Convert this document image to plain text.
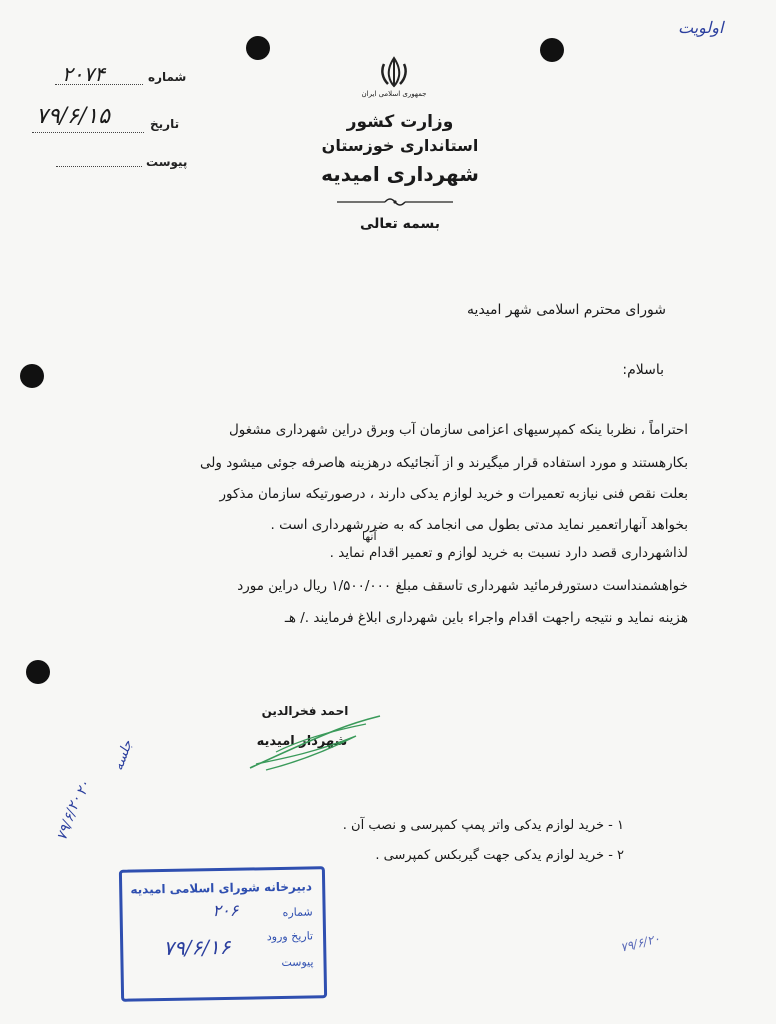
اولویت
جمهوری اسلامی ایران
شماره
۲۰۷۴
تاریخ
۷۹/۶/۱۵
پیوست
وزارت کشور
استانداری خوزستان
شهرداری امیدیه
بسمه تعالی
شورای محترم اسلامی شهر امیدیه
باسلام:
احتراماً ، نظربا ینکه کمپرسیهای اعزامی سازمان آب وبرق دراین شهرداری مشغول
بکارهستند و مورد استفاده قرار میگیرند و از آنجائیکه درهزینه هاصرفه جوئی میشود ولی
بعلت نقص فنی نیازبه تعمیرات و خرید لوازم یدکی دارند ، درصورتیکه سازمان مذکور
بخواهد آنهاراتعمیر نماید مدتی بطول می انجامد که به ضررشهرداری است .
آنها
لذاشهرداری قصد دارد نسبت به خرید لوازم و تعمیر اقدام نماید .
خواهشمنداست دستورفرمائید شهرداری تاسقف مبلغ ۱/۵۰۰/۰۰۰ ریال دراین مورد
هزینه نماید و نتیجه راجهت اقدام واجراء باین شهرداری ابلاغ فرمایند ./ هـ
احمد فخرالدین
شهردار امیدیه
جلسه
۲۰
۷۹/۶/۲۰	۱ - خرید لوازم یدکی واتر پمپ کمپرسی و نصب آن .
۲ - خرید لوازم یدکی جهت گیربکس کمپرسی .
دبیرخانه شورای اسلامی امیدیه
شماره
۲۰۶
تاریخ ورود
۷۹/۶/۱۶
پیوست
۷۹/۶/۲۰
